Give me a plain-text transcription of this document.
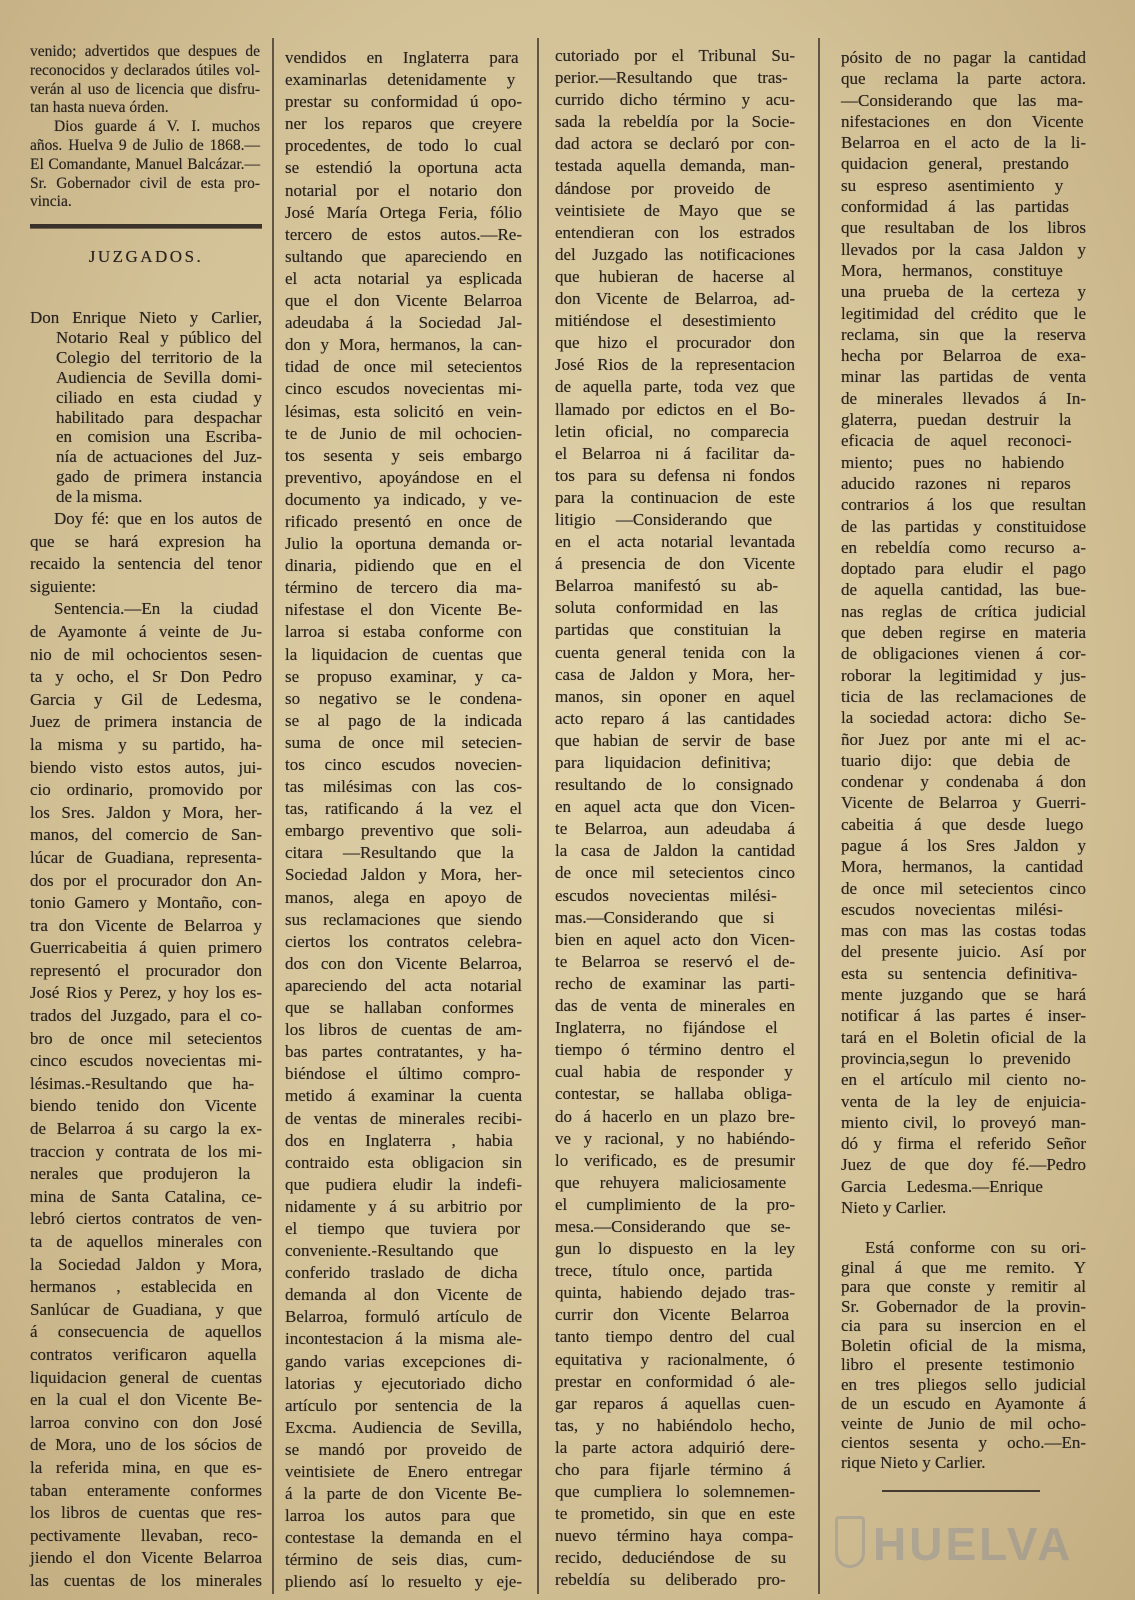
venido; advertidos que despues de
reconocidos y declarados útiles vol-
verán al uso de licencia que disfru-
tan hasta nueva órden.
Dios guarde á V. I. muchos
años. Huelva 9 de Julio de 1868.—
El Comandante, Manuel Balcázar.—
Sr. Gobernador civil de esta pro-
vincia.
JUZGADOS.
Don Enrique Nieto y Carlier,
Notario Real y público del
Colegio del territorio de la
Audiencia de Sevilla domi-
ciliado en esta ciudad y
habilitado para despachar
en comision una Escriba-
nía de actuaciones del Juz-
gado de primera instancia
de la misma.
Doy fé: que en los autos de
que se hará expresion ha
recaido la sentencia del tenor
siguiente:
Sentencia.—En la ciudad
de Ayamonte á veinte de Ju-
nio de mil ochocientos sesen-
ta y ocho, el Sr Don Pedro
Garcia y Gil de Ledesma,
Juez de primera instancia de
la misma y su partido, ha-
biendo visto estos autos, jui-
cio ordinario, promovido por
los Sres. Jaldon y Mora, her-
manos, del comercio de San-
lúcar de Guadiana, representa-
dos por el procurador don An-
tonio Gamero y Montaño, con-
tra don Vicente de Belarroa y
Guerricabeitia á quien primero
representó el procurador don
José Rios y Perez, y hoy los es-
trados del Juzgado, para el co-
bro de once mil setecientos
cinco escudos novecientas mi-
lésimas.-Resultando que ha-
biendo tenido don Vicente
de Belarroa á su cargo la ex-
traccion y contrata de los mi-
nerales que produjeron la
mina de Santa Catalina, ce-
lebró ciertos contratos de ven-
ta de aquellos minerales con
la Sociedad Jaldon y Mora,
hermanos , establecida en
Sanlúcar de Guadiana, y que
á consecuencia de aquellos
contratos verificaron aquella
liquidacion general de cuentas
en la cual el don Vicente Be-
larroa convino con don José
de Mora, uno de los sócios de
la referida mina, en que es-
taban enteramente conformes
los libros de cuentas que res-
pectivamente llevaban, reco-
jiendo el don Vicente Belarroa
las cuentas de los minerales
vendidos en Inglaterra para
examinarlas detenidamente y
prestar su conformidad ú opo-
ner los reparos que creyere
procedentes, de todo lo cual
se estendió la oportuna acta
notarial por el notario don
José María Ortega Feria, fólio
tercero de estos autos.—Re-
sultando que apareciendo en
el acta notarial ya esplicada
que el don Vicente Belarroa
adeudaba á la Sociedad Jal-
don y Mora, hermanos, la can-
tidad de once mil setecientos
cinco escudos novecientas mi-
lésimas, esta solicitó en vein-
te de Junio de mil ochocien-
tos sesenta y seis embargo
preventivo, apoyándose en el
documento ya indicado, y ve-
rificado presentó en once de
Julio la oportuna demanda or-
dinaria, pidiendo que en el
término de tercero dia ma-
nifestase el don Vicente Be-
larroa si estaba conforme con
la liquidacion de cuentas que
se propuso examinar, y ca-
so negativo se le condena-
se al pago de la indicada
suma de once mil setecien-
tos cinco escudos novecien-
tas milésimas con las cos-
tas, ratificando á la vez el
embargo preventivo que soli-
citara —Resultando que la
Sociedad Jaldon y Mora, her-
manos, alega en apoyo de
sus reclamaciones que siendo
ciertos los contratos celebra-
dos con don Vicente Belarroa,
apareciendo del acta notarial
que se hallaban conformes
los libros de cuentas de am-
bas partes contratantes, y ha-
biéndose el último compro-
metido á examinar la cuenta
de ventas de minerales recibi-
dos en Inglaterra , habia
contraido esta obligacion sin
que pudiera eludir la indefi-
nidamente y á su arbitrio por
el tiempo que tuviera por
conveniente.-Resultando que
conferido traslado de dicha
demanda al don Vicente de
Belarroa, formuló artículo de
incontestacion á la misma ale-
gando varias excepciones di-
latorias y ejecutoriado dicho
artículo por sentencia de la
Excma. Audiencia de Sevilla,
se mandó por proveido de
veintisiete de Enero entregar
á la parte de don Vicente Be-
larroa los autos para que
contestase la demanda en el
término de seis dias, cum-
pliendo así lo resuelto y eje-
cutoriado por el Tribunal Su-
perior.—Resultando que tras-
currido dicho término y acu-
sada la rebeldía por la Socie-
dad actora se declaró por con-
testada aquella demanda, man-
dándose por proveido de
veintisiete de Mayo que se
entendieran con los estrados
del Juzgado las notificaciones
que hubieran de hacerse al
don Vicente de Belarroa, ad-
mitiéndose el desestimiento
que hizo el procurador don
José Rios de la representacion
de aquella parte, toda vez que
llamado por edictos en el Bo-
letin oficial, no comparecia
el Belarroa ni á facilitar da-
tos para su defensa ni fondos
para la continuacion de este
litigio —Considerando que
en el acta notarial levantada
á presencia de don Vicente
Belarroa manifestó su ab-
soluta conformidad en las
partidas que constituian la
cuenta general tenida con la
casa de Jaldon y Mora, her-
manos, sin oponer en aquel
acto reparo á las cantidades
que habian de servir de base
para liquidacion definitiva;
resultando de lo consignado
en aquel acta que don Vicen-
te Belarroa, aun adeudaba á
la casa de Jaldon la cantidad
de once mil setecientos cinco
escudos novecientas milési-
mas.—Considerando que si
bien en aquel acto don Vicen-
te Belarroa se reservó el de-
recho de examinar las parti-
das de venta de minerales en
Inglaterra, no fijándose el
tiempo ó término dentro el
cual habia de responder y
contestar, se hallaba obliga-
do á hacerlo en un plazo bre-
ve y racional, y no habiéndo-
lo verificado, es de presumir
que rehuyera maliciosamente
el cumplimiento de la pro-
mesa.—Considerando que se-
gun lo dispuesto en la ley
trece, título once, partida
quinta, habiendo dejado tras-
currir don Vicente Belarroa
tanto tiempo dentro del cual
equitativa y racionalmente, ó
prestar en conformidad ó ale-
gar reparos á aquellas cuen-
tas, y no habiéndolo hecho,
la parte actora adquirió dere-
cho para fijarle término á
que cumpliera lo solemnemen-
te prometido, sin que en este
nuevo término haya compa-
recido, deduciéndose de su
rebeldía su deliberado pro-
pósito de no pagar la cantidad
que reclama la parte actora.
—Considerando que las ma-
nifestaciones en don Vicente
Belarroa en el acto de la li-
quidacion general, prestando
su espreso asentimiento y
conformidad á las partidas
que resultaban de los libros
llevados por la casa Jaldon y
Mora, hermanos, constituye
una prueba de la certeza y
legitimidad del crédito que le
reclama, sin que la reserva
hecha por Belarroa de exa-
minar las partidas de venta
de minerales llevados á In-
glaterra, puedan destruir la
eficacia de aquel reconoci-
miento; pues no habiendo
aducido razones ni reparos
contrarios á los que resultan
de las partidas y constituidose
en rebeldía como recurso a-
doptado para eludir el pago
de aquella cantidad, las bue-
nas reglas de crítica judicial
que deben regirse en materia
de obligaciones vienen á cor-
roborar la legitimidad y jus-
ticia de las reclamaciones de
la sociedad actora: dicho Se-
ñor Juez por ante mi el ac-
tuario dijo: que debia de
condenar y condenaba á don
Vicente de Belarroa y Guerri-
cabeitia á que desde luego
pague á los Sres Jaldon y
Mora, hermanos, la cantidad
de once mil setecientos cinco
escudos novecientas milési-
mas con mas las costas todas
del presente juicio. Así por
esta su sentencia definitiva-
mente juzgando que se hará
notificar á las partes é inser-
tará en el Boletin oficial de la
provincia,segun lo prevenido
en el artículo mil ciento no-
venta de la ley de enjuicia-
miento civil, lo proveyó man-
dó y firma el referido Señor
Juez de que doy fé.—Pedro
Garcia Ledesma.—Enrique
Nieto y Carlier.
Está conforme con su ori-
ginal á que me remito. Y
para que conste y remitir al
Sr. Gobernador de la provin-
cia para su insercion en el
Boletin oficial de la misma,
libro el presente testimonio
en tres pliegos sello judicial
de un escudo en Ayamonte á
veinte de Junio de mil ocho-
cientos sesenta y ocho.—En-
rique Nieto y Carlier.
HUELVA
